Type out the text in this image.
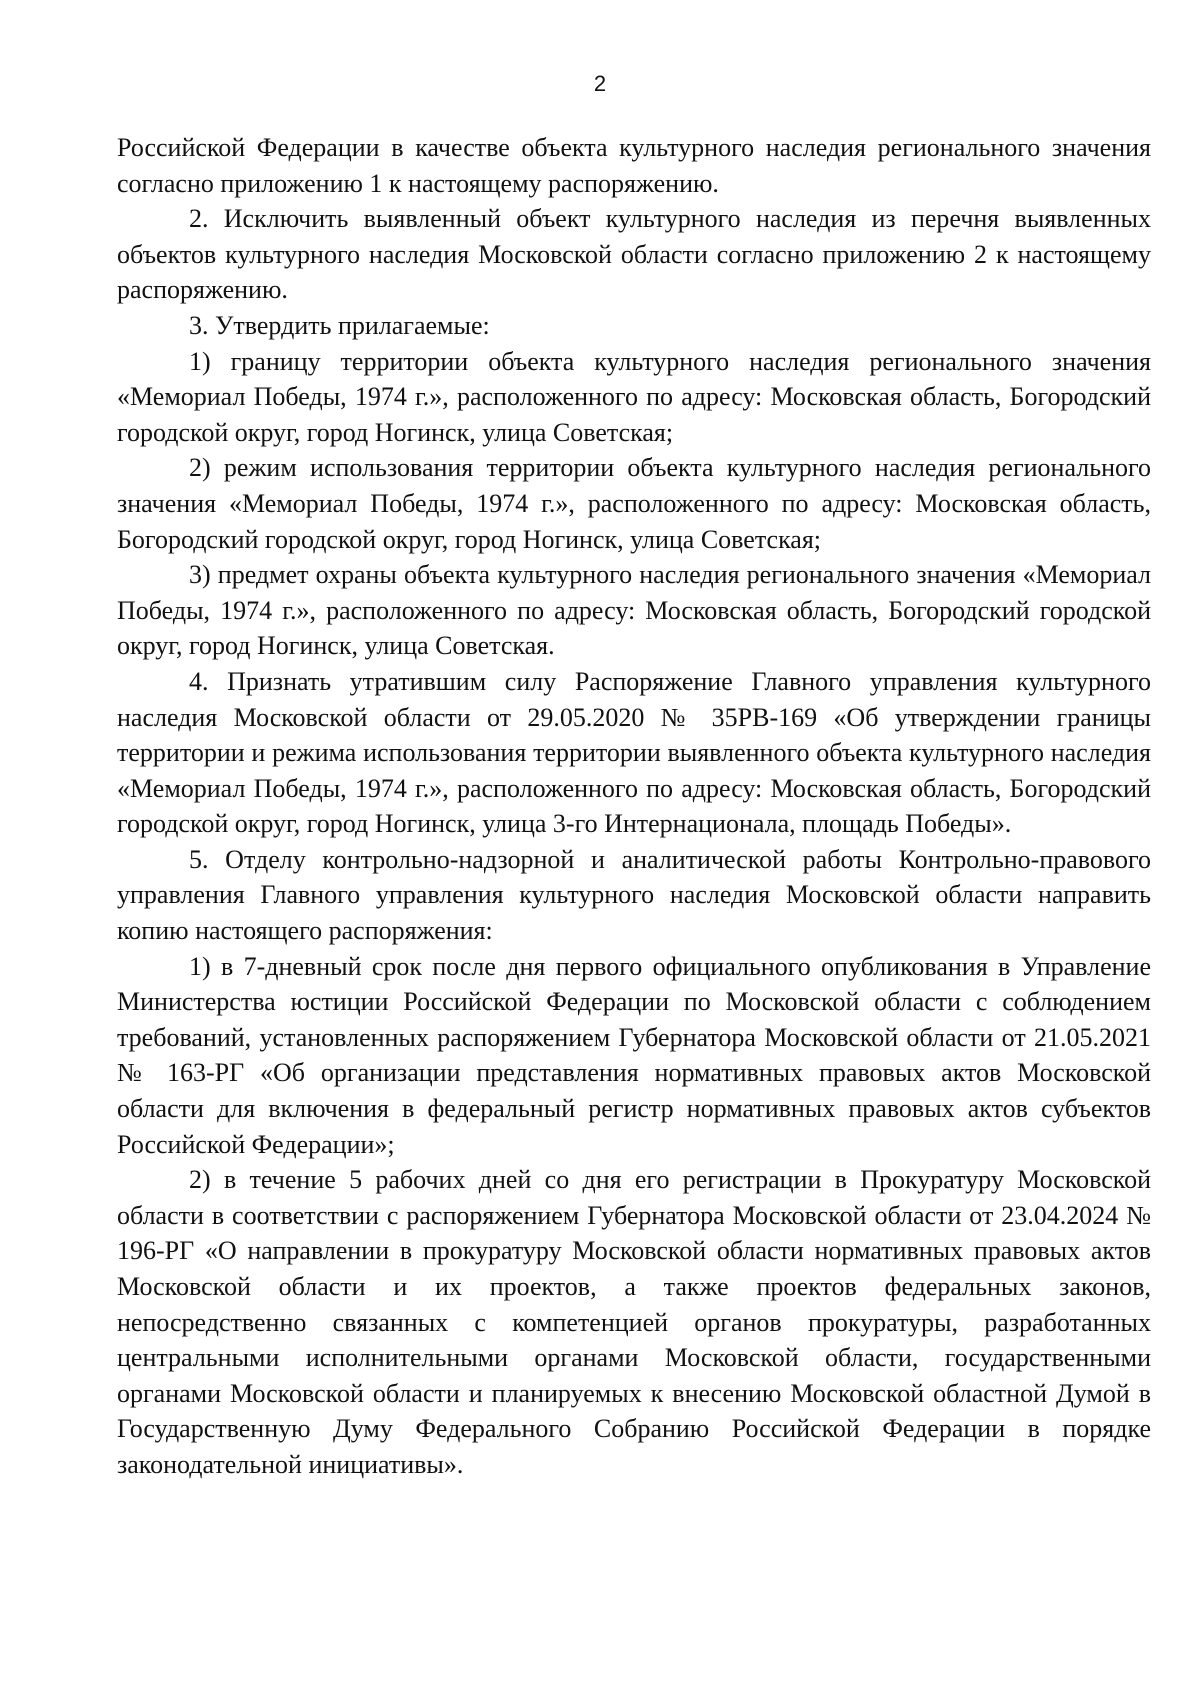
2

Российской Федерации в качестве объекта культурного наследия регионального значения согласно приложению 1 к настоящему распоряжению.

2. Исключить выявленный объект культурного наследия из перечня выявленных объектов культурного наследия Московской области согласно приложению 2 к настоящему распоряжению.

3. Утвердить прилагаемые:

1) границу территории объекта культурного наследия регионального значения «Мемориал Победы, 1974 г.», расположенного по адресу: Московская область, Богородский городской округ, город Ногинск, улица Советская;

2) режим использования территории объекта культурного наследия регионального значения «Мемориал Победы, 1974 г.», расположенного по адресу: Московская область, Богородский городской округ, город Ногинск, улица Советская;

3) предмет охраны объекта культурного наследия регионального значения «Мемориал Победы, 1974 г.», расположенного по адресу: Московская область, Богородский городской округ, город Ногинск, улица Советская.

4. Признать утратившим силу Распоряжение Главного управления культурного наследия Московской области от 29.05.2020 № 35РВ-169 «Об утверждении границы территории и режима использования территории выявленного объекта культурного наследия «Мемориал Победы, 1974 г.», расположенного по адресу: Московская область, Богородский городской округ, город Ногинск, улица 3-го Интернационала, площадь Победы».

5. Отделу контрольно-надзорной и аналитической работы Контрольно-правового управления Главного управления культурного наследия Московской области направить копию настоящего распоряжения:

1) в 7-дневный срок после дня первого официального опубликования в Управление Министерства юстиции Российской Федерации по Московской области с соблюдением требований, установленных распоряжением Губернатора Московской области от 21.05.2021 № 163-РГ «Об организации представления нормативных правовых актов Московской области для включения в федеральный регистр нормативных правовых актов субъектов Российской Федерации»;

2) в течение 5 рабочих дней со дня его регистрации в Прокуратуру Московской области в соответствии с распоряжением Губернатора Московской области от 23.04.2024 № 196-РГ «О направлении в прокуратуру Московской области нормативных правовых актов Московской области и их проектов, а также проектов федеральных законов, непосредственно связанных с компетенцией органов прокуратуры, разработанных центральными исполнительными органами Московской области, государственными органами Московской области и планируемых к внесению Московской областной Думой в Государственную Думу Федерального Собранию Российской Федерации в порядке законодательной инициативы».
